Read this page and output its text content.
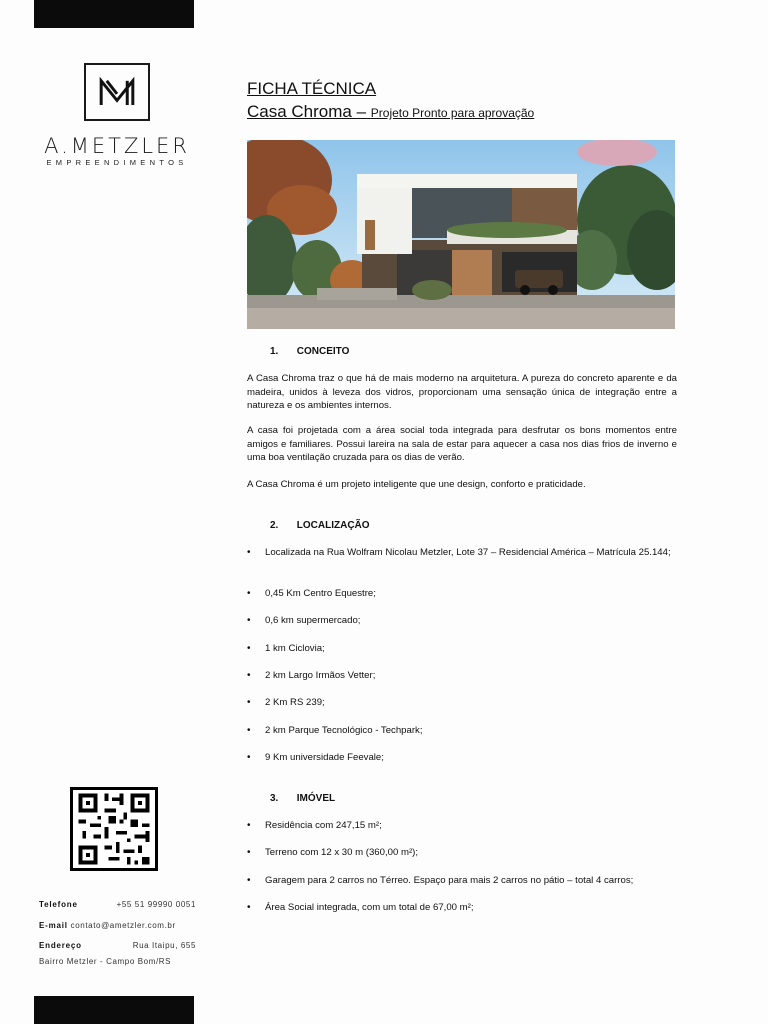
A.METZLER
EMPREENDIMENTOS
FICHA TÉCNICA
Casa Chroma – Projeto Pronto para aprovação
1. CONCEITO
A Casa Chroma traz o que há de mais moderno na arquitetura. A pureza do concreto aparente e da madeira, unidos à leveza dos vidros, proporcionam uma sensação única de integração entre a natureza e os ambientes internos.
A casa foi projetada com a área social toda integrada para desfrutar os bons momentos entre amigos e familiares. Possui lareira na sala de estar para aquecer a casa nos dias frios de inverno e uma boa ventilação cruzada para os dias de verão.
A Casa Chroma é um projeto inteligente que une design, conforto e praticidade.
2. LOCALIZAÇÃO
• Localizada na Rua Wolfram Nicolau Metzler, Lote 37 – Residencial América – Matrícula 25.144;
• 0,45 Km Centro Equestre;
• 0,6 km supermercado;
• 1 km Ciclovia;
• 2 km Largo Irmãos Vetter;
• 2 Km RS 239;
• 2 km Parque Tecnológico - Techpark;
• 9 Km universidade Feevale;
3. IMÓVEL
• Residência com 247,15 m²;
• Terreno com 12 x 30 m (360,00 m²);
• Garagem para 2 carros no Térreo. Espaço para mais 2 carros no pátio – total 4 carros;
• Área Social integrada, com um total de 67,00 m²;
Telefone	+55 51 99990 0051
E-mail contato@ametzler.com.br
Endereço	Rua Itaipu, 655
Bairro Metzler - Campo Bom/RS
